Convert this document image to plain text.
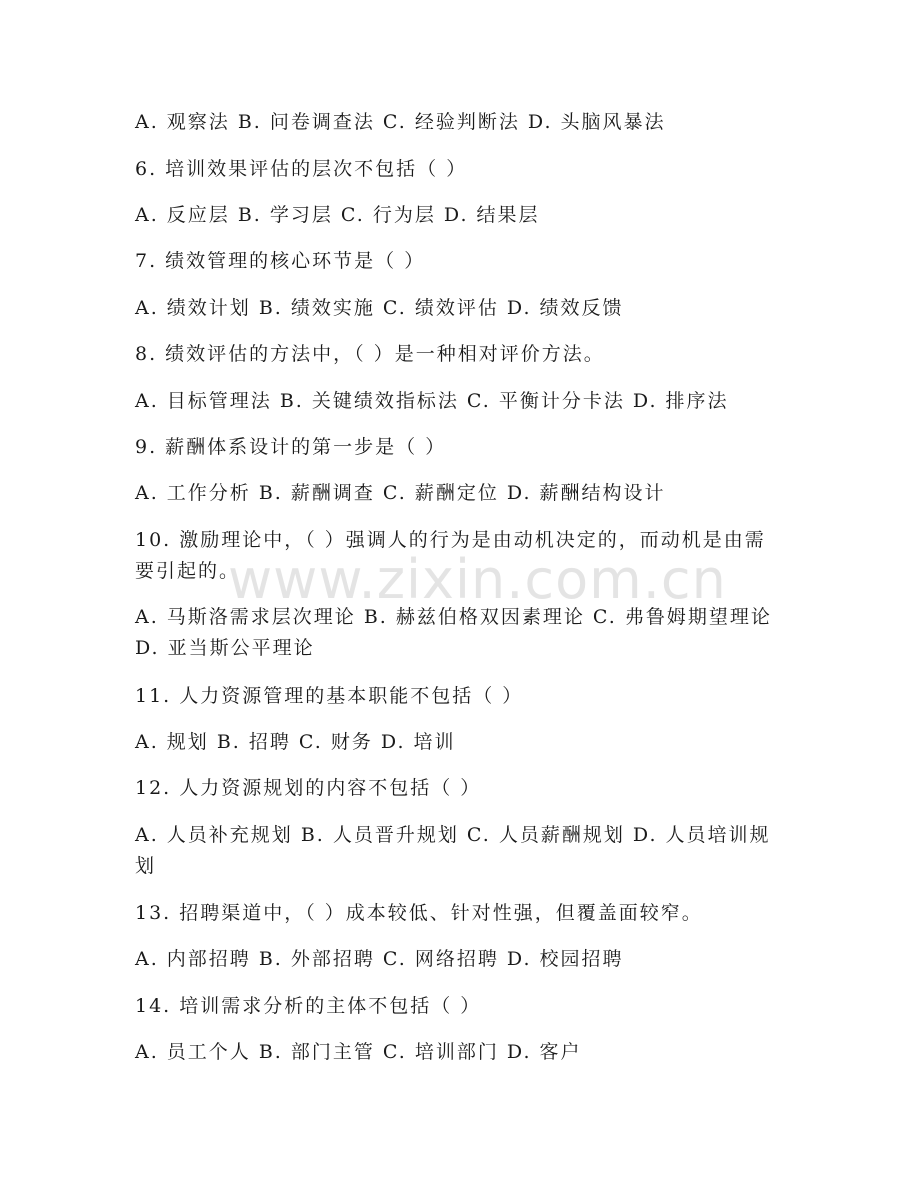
A. 观察法 B. 问卷调查法 C. 经验判断法 D. 头脑风暴法
6. 培训效果评估的层次不包括（ ）
A. 反应层 B. 学习层 C. 行为层 D. 结果层
7. 绩效管理的核心环节是（ ）
A. 绩效计划 B. 绩效实施 C. 绩效评估 D. 绩效反馈
8. 绩效评估的方法中，（ ）是一种相对评价方法。
A. 目标管理法 B. 关键绩效指标法 C. 平衡计分卡法 D. 排序法
9. 薪酬体系设计的第一步是（ ）
A. 工作分析 B. 薪酬调查 C. 薪酬定位 D. 薪酬结构设计
10. 激励理论中，（ ）强调人的行为是由动机决定的，而动机是由需要引起的。
A. 马斯洛需求层次理论 B. 赫兹伯格双因素理论 C. 弗鲁姆期望理论 D. 亚当斯公平理论
11. 人力资源管理的基本职能不包括（ ）
A. 规划 B. 招聘 C. 财务 D. 培训
12. 人力资源规划的内容不包括（ ）
A. 人员补充规划 B. 人员晋升规划 C. 人员薪酬规划 D. 人员培训规划
13. 招聘渠道中，（ ）成本较低、针对性强，但覆盖面较窄。
A. 内部招聘 B. 外部招聘 C. 网络招聘 D. 校园招聘
14. 培训需求分析的主体不包括（ ）
A. 员工个人 B. 部门主管 C. 培训部门 D. 客户
www.zixin.com.cn
